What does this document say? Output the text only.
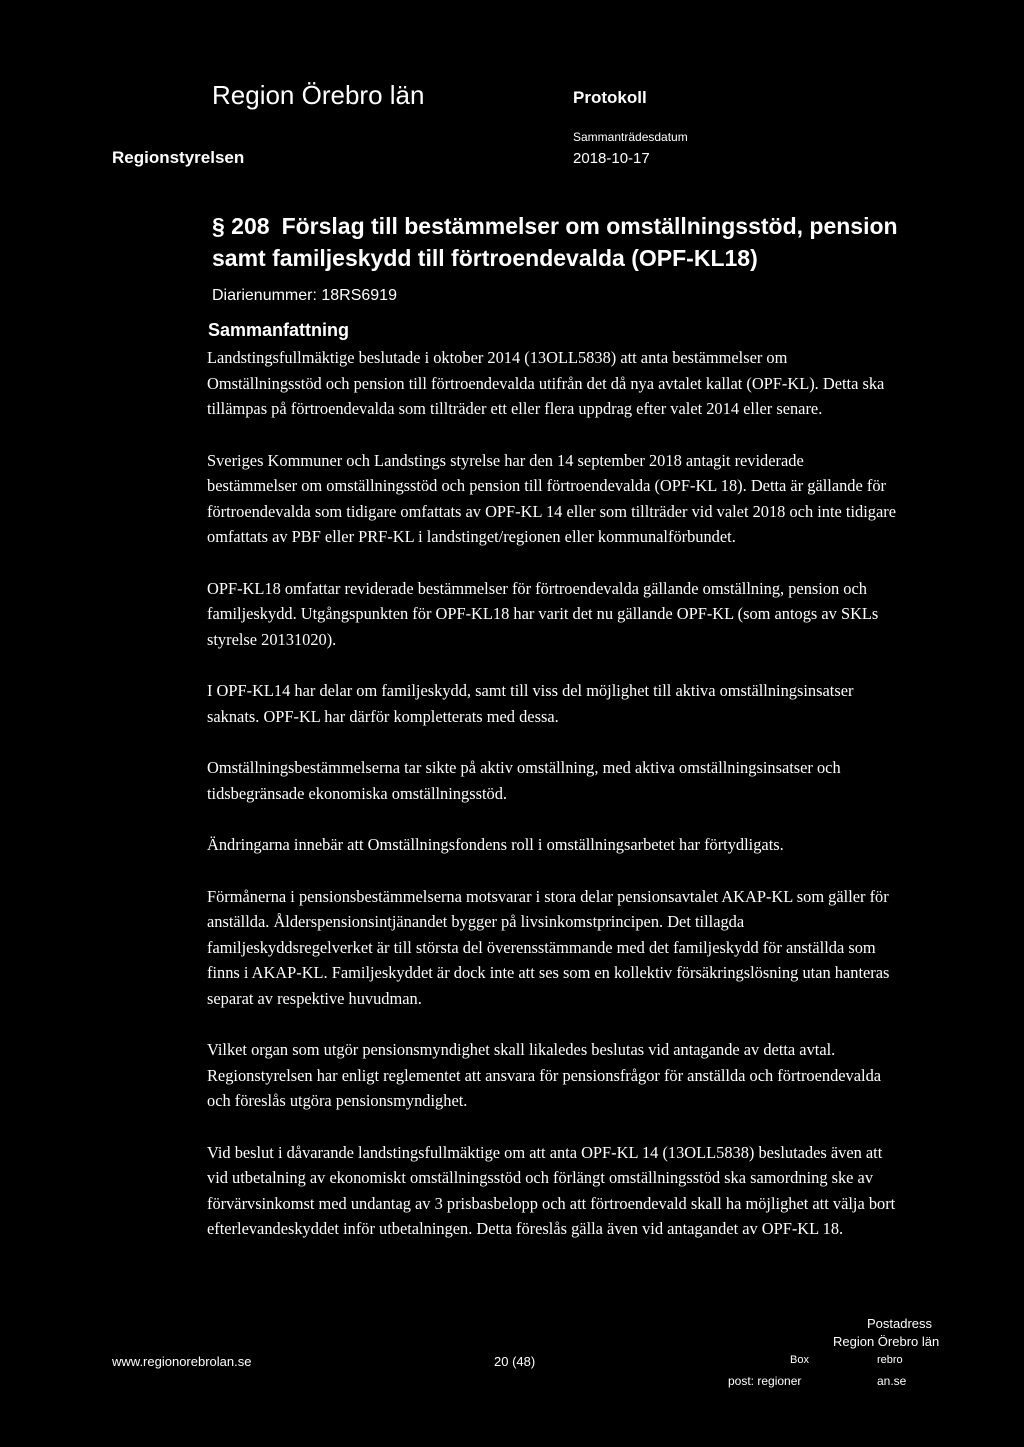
Region Örebro län	Protokoll
Regionstyrelsen
Sammanträdesdatum
2018-10-17
§ 208 Förslag till bestämmelser om omställningsstöd, pension samt familjeskydd till förtroendevalda (OPF-KL18)
Diarienummer: 18RS6919
Sammanfattning

Landstingsfullmäktige beslutade i oktober 2014 (13OLL5838) att anta bestämmelser om Omställningsstöd och pension till förtroendevalda utifrån det då nya avtalet kallat (OPF-KL). Detta ska tillämpas på förtroendevalda som tillträder ett eller flera uppdrag efter valet 2014 eller senare.

Sveriges Kommuner och Landstings styrelse har den 14 september 2018 antagit reviderade bestämmelser om omställningsstöd och pension till förtroendevalda (OPF-KL 18). Detta är gällande för förtroendevalda som tidigare omfattats av OPF-KL 14 eller som tillträder vid valet 2018 och inte tidigare omfattats av PBF eller PRF-KL i landstinget/regionen eller kommunalförbundet.

OPF-KL18 omfattar reviderade bestämmelser för förtroendevalda gällande omställning, pension och familjeskydd. Utgångspunkten för OPF-KL18 har varit det nu gällande OPF-KL (som antogs av SKLs styrelse 20131020).

I OPF-KL14 har delar om familjeskydd, samt till viss del möjlighet till aktiva omställningsinsatser saknats. OPF-KL har därför kompletterats med dessa.

Omställningsbestämmelserna tar sikte på aktiv omställning, med aktiva omställningsinsatser och tidsbegränsade ekonomiska omställningsstöd.

Ändringarna innebär att Omställningsfondens roll i omställningsarbetet har förtydligats.

Förmånerna i pensionsbestämmelserna motsvarar i stora delar pensionsavtalet AKAP-KL som gäller för anställda. Ålderspensionsintjänandet bygger på livsinkomstprincipen. Det tillagda familjeskyddsregelverket är till största del överensstämmande med det familjeskydd för anställda som finns i AKAP-KL. Familjeskyddet är dock inte att ses som en kollektiv försäkringslösning utan hanteras separat av respektive huvudman.

Vilket organ som utgör pensionsmyndighet skall likaledes beslutas vid antagande av detta avtal. Regionstyrelsen har enligt reglementet att ansvara för pensionsfrågor för anställda och förtroendevalda och föreslås utgöra pensionsmyndighet.

Vid beslut i dåvarande landstingsfullmäktige om att anta OPF-KL 14 (13OLL5838) beslutades även att vid utbetalning av ekonomiskt omställningsstöd och förlängt omställningsstöd ska samordning ske av förvärvsinkomst med undantag av 3 prisbasbelopp och att förtroendevald skall ha möjlighet att välja bort efterlevandeskyddet inför utbetalningen. Detta föreslås gälla även vid antagandet av OPF-KL 18.

www.regionorebrolan.se	20 (48)
Postadress
Region Örebro län
Box	rebro
post: regioner	an.se
